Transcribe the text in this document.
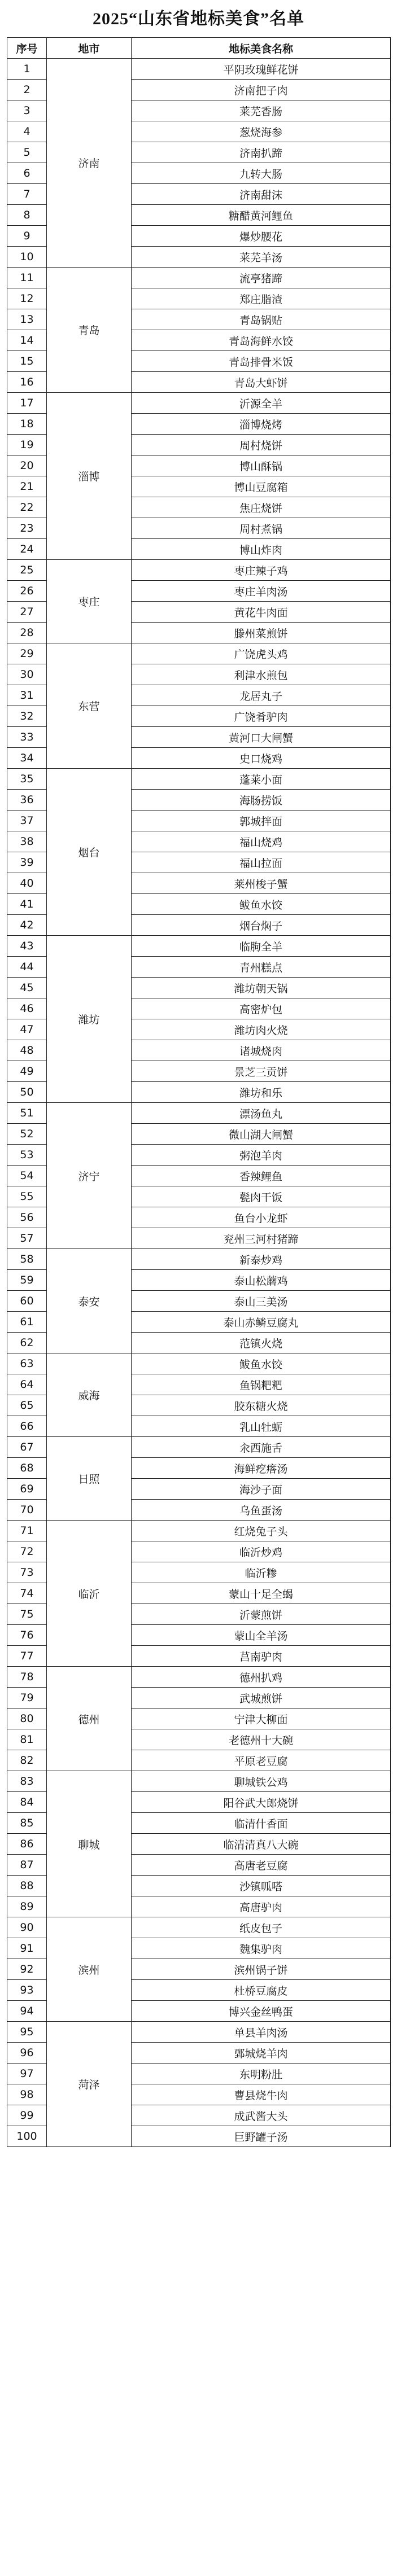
2025“山东省地标美食”名单
序号	地市	地标美食名称
1	济南	平阴玫瑰鲜花饼
2		济南把子肉
3		莱芜香肠
4		葱烧海参
5		济南扒蹄
6		九转大肠
7		济南甜沫
8		糖醋黄河鲤鱼
9		爆炒腰花
10		莱芜羊汤
11	青岛	流亭猪蹄
12		郑庄脂渣
13		青岛锅贴
14		青岛海鲜水饺
15		青岛排骨米饭
16		青岛大虾饼
17	淄博	沂源全羊
18		淄博烧烤
19		周村烧饼
20		博山酥锅
21		博山豆腐箱
22		焦庄烧饼
23		周村煮锅
24		博山炸肉
25	枣庄	枣庄辣子鸡
26		枣庄羊肉汤
27		黄花牛肉面
28		滕州菜煎饼
29	东营	广饶虎头鸡
30		利津水煎包
31		龙居丸子
32		广饶肴驴肉
33		黄河口大闸蟹
34		史口烧鸡
35	烟台	蓬莱小面
36		海肠捞饭
37		郭城拌面
38		福山烧鸡
39		福山拉面
40		莱州梭子蟹
41		鲅鱼水饺
42		烟台焖子
43	潍坊	临朐全羊
44		青州糕点
45		潍坊朝天锅
46		高密炉包
47		潍坊肉火烧
48		诸城烧肉
49		景芝三贡饼
50		潍坊和乐
51	济宁	漂汤鱼丸
52		微山湖大闸蟹
53		粥泡羊肉
54		香辣鲤鱼
55		甏肉干饭
56		鱼台小龙虾
57		兖州三河村猪蹄
58	泰安	新泰炒鸡
59		泰山松蘑鸡
60		泰山三美汤
61		泰山赤鳞豆腐丸
62		范镇火烧
63	威海	鲅鱼水饺
64		鱼锅粑粑
65		胶东糖火烧
66		乳山牡蛎
67	日照	汆西施舌
68		海鲜疙瘩汤
69		海沙子面
70		乌鱼蛋汤
71	临沂	红烧兔子头
72		临沂炒鸡
73		临沂糁
74		蒙山十足全蝎
75		沂蒙煎饼
76		蒙山全羊汤
77		莒南驴肉
78	德州	德州扒鸡
79		武城煎饼
80		宁津大柳面
81		老德州十大碗
82		平原老豆腐
83	聊城	聊城铁公鸡
84		阳谷武大郎烧饼
85		临清什香面
86		临清清真八大碗
87		高唐老豆腐
88		沙镇呱嗒
89		高唐驴肉
90	滨州	纸皮包子
91		魏集驴肉
92		滨州锅子饼
93		杜桥豆腐皮
94		博兴金丝鸭蛋
95	菏泽	单县羊肉汤
96		鄄城烧羊肉
97		东明粉肚
98		曹县烧牛肉
99		成武酱大头
100		巨野罐子汤
